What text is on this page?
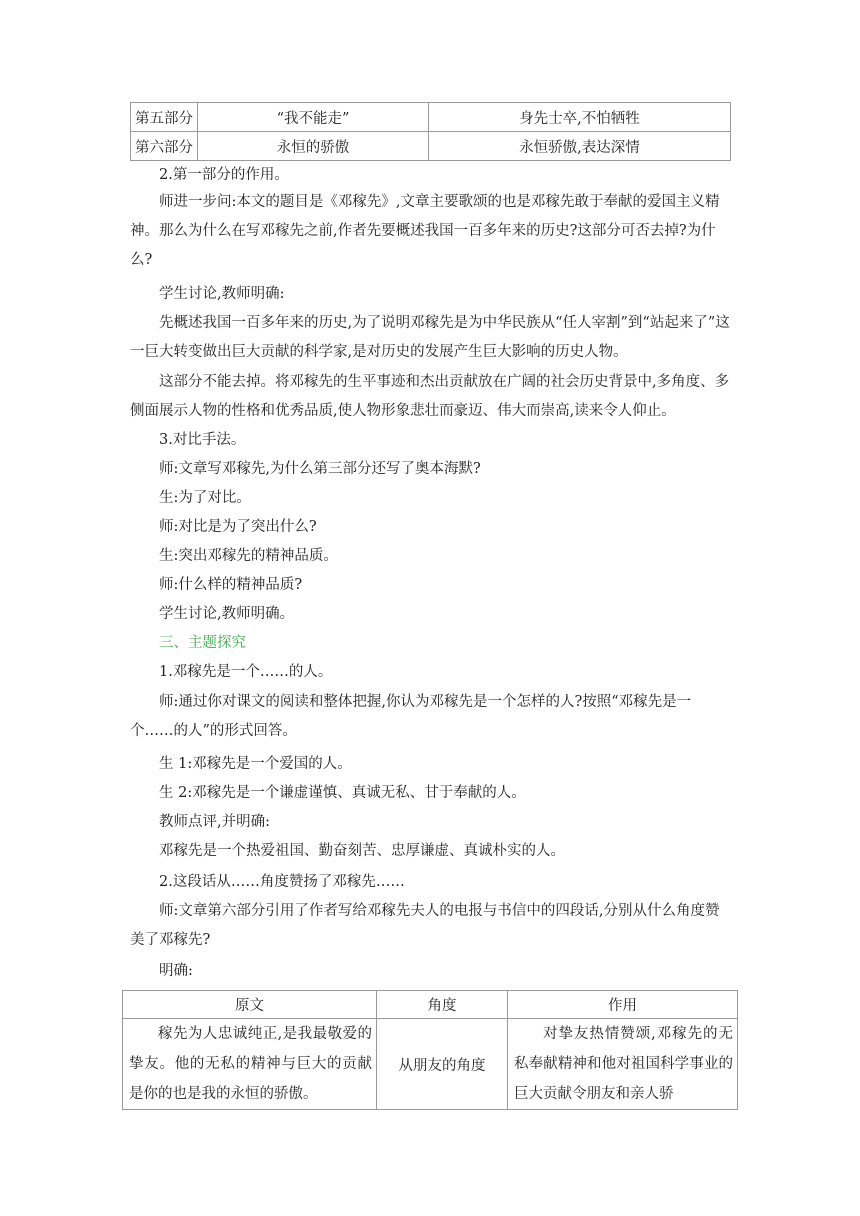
第五部分	“我不能走”	身先士卒,不怕牺牲
第六部分	永恒的骄傲	永恒骄傲,表达深情

2.第一部分的作用。

师进一步问:本文的题目是《邓稼先》,文章主要歌颂的也是邓稼先敢于奉献的爱国主义精神。那么为什么在写邓稼先之前,作者先要概述我国一百多年来的历史?这部分可否去掉?为什么?

学生讨论,教师明确:

先概述我国一百多年来的历史,为了说明邓稼先是为中华民族从“任人宰割”到“站起来了”这一巨大转变做出巨大贡献的科学家,是对历史的发展产生巨大影响的历史人物。

这部分不能去掉。将邓稼先的生平事迹和杰出贡献放在广阔的社会历史背景中,多角度、多侧面展示人物的性格和优秀品质,使人物形象悲壮而豪迈、伟大而崇高,读来令人仰止。

3.对比手法。

师:文章写邓稼先,为什么第三部分还写了奥本海默?

生:为了对比。

师:对比是为了突出什么?

生:突出邓稼先的精神品质。

师:什么样的精神品质?

学生讨论,教师明确。

三、主题探究

1.邓稼先是一个……的人。

师:通过你对课文的阅读和整体把握,你认为邓稼先是一个怎样的人?按照“邓稼先是一个……的人”的形式回答。

生 1:邓稼先是一个爱国的人。

生 2:邓稼先是一个谦虚谨慎、真诚无私、甘于奉献的人。

教师点评,并明确:

邓稼先是一个热爱祖国、勤奋刻苦、忠厚谦虚、真诚朴实的人。

2.这段话从……角度赞扬了邓稼先……

师:文章第六部分引用了作者写给邓稼先夫人的电报与书信中的四段话,分别从什么角度赞美了邓稼先?

明确:

原文	角度	作用

稼先为人忠诚纯正,是我最敬爱的挚友。他的无私的精神与巨大的贡献是你的也是我的永恒的骄傲。	从朋友的角度	对挚友热情赞颂,邓稼先的无私奉献精神和他对祖国科学事业的巨大贡献令朋友和亲人骄
